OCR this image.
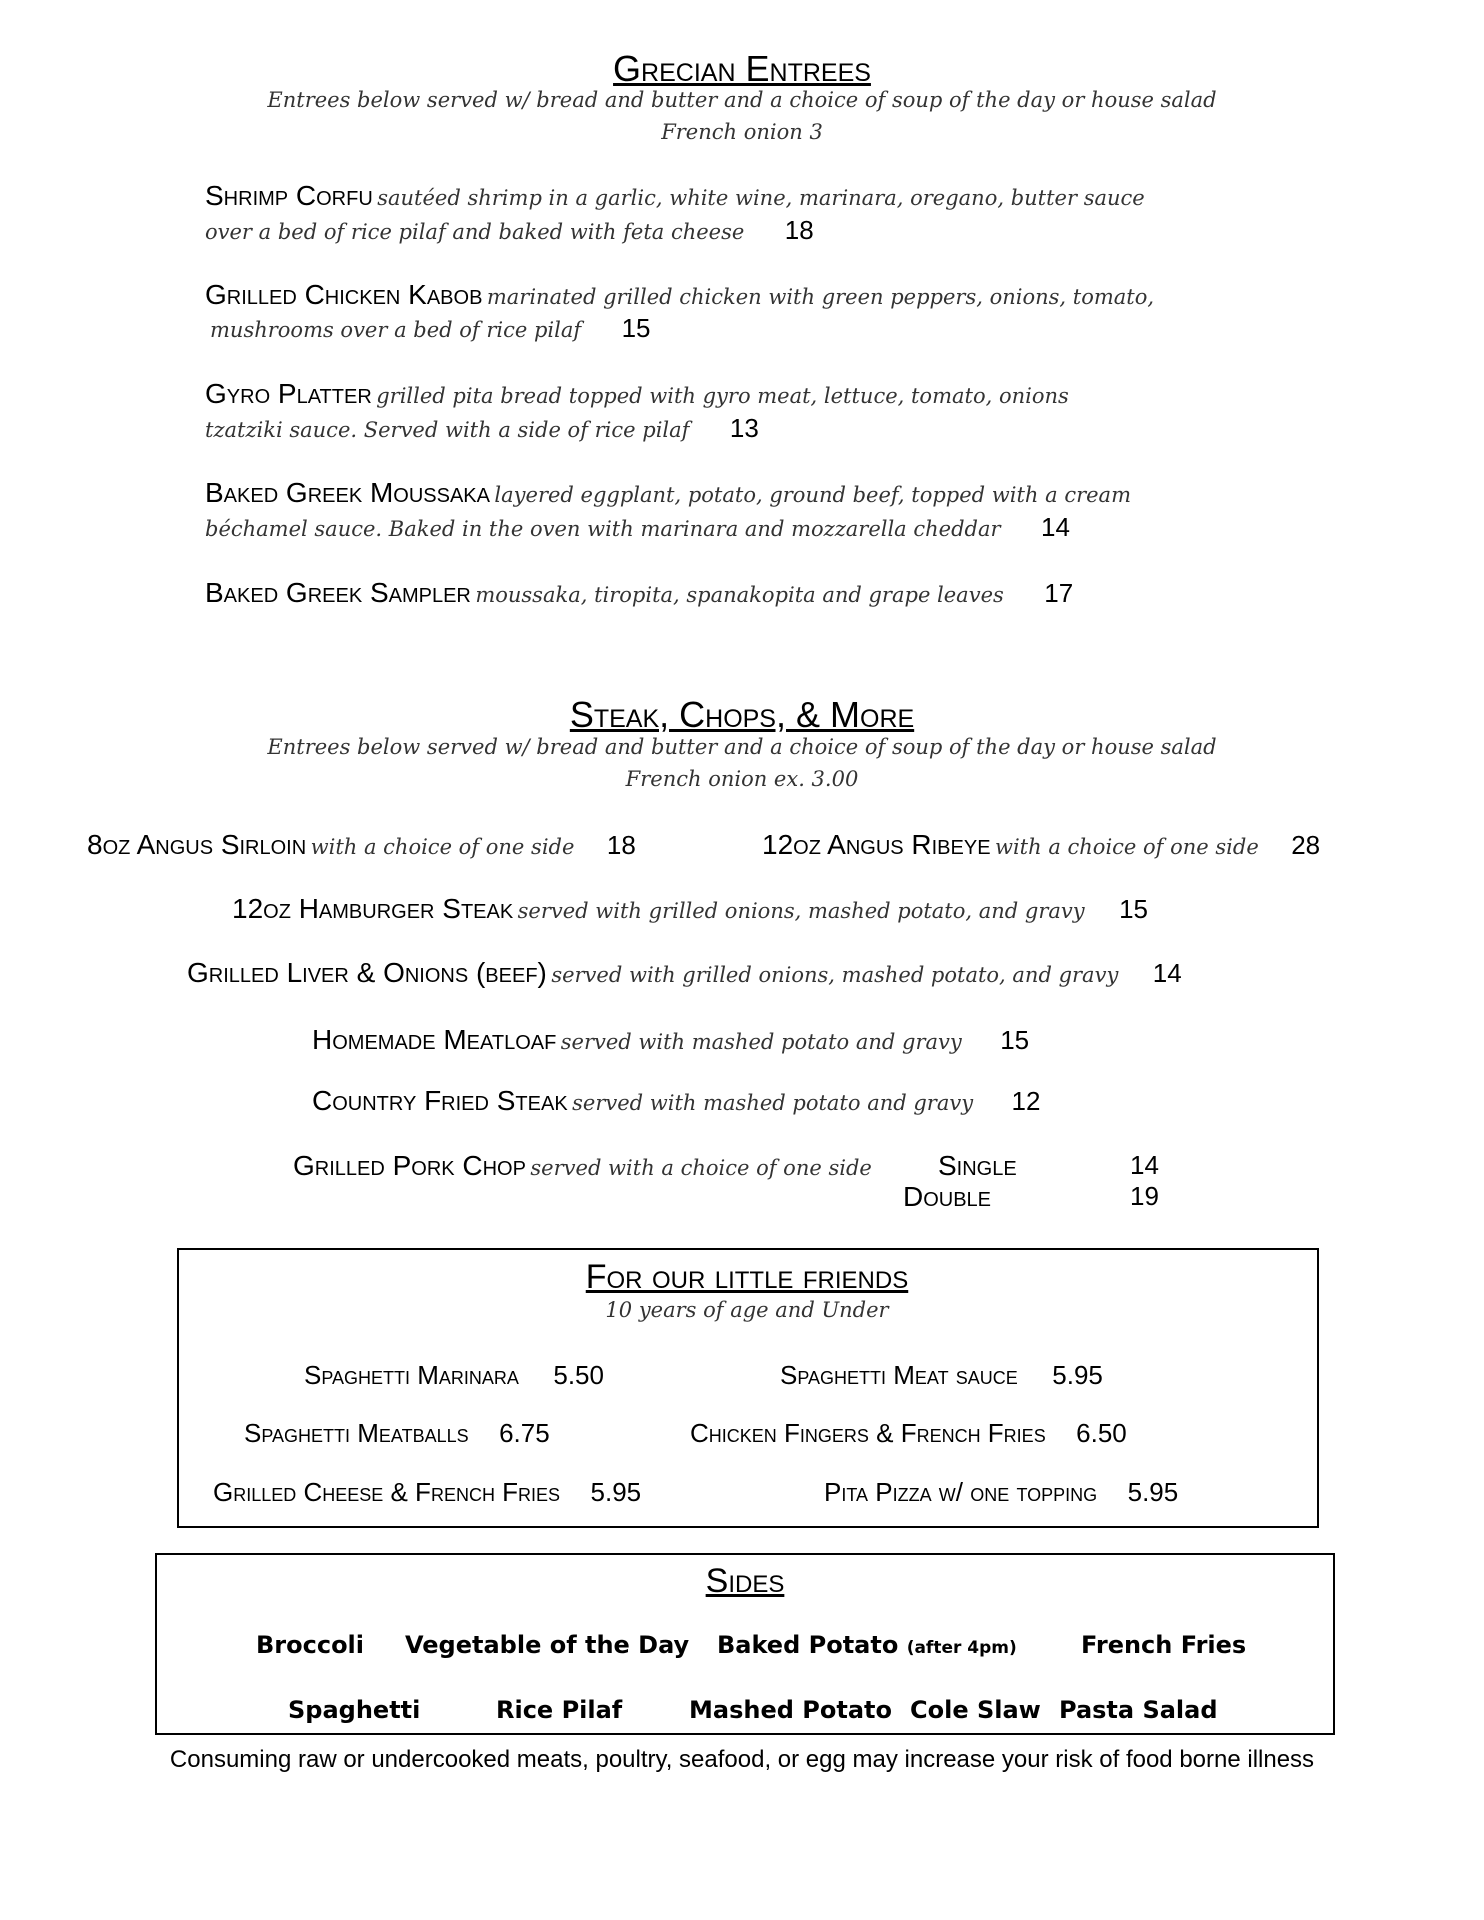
Grecian Entrees
Entrees below served w/ bread and butter and a choice of soup of the day or house salad
French onion 3
Shrimp Corfu sautéed shrimp in a garlic, white wine, marinara, oregano, butter sauce
over a bed of rice pilaf and baked with feta cheese 18
Grilled Chicken Kabob marinated grilled chicken with green peppers, onions, tomato,
mushrooms over a bed of rice pilaf 15
Gyro Platter grilled pita bread topped with gyro meat, lettuce, tomato, onions
tzatziki sauce. Served with a side of rice pilaf 13
Baked Greek Moussaka layered eggplant, potato, ground beef, topped with a cream
béchamel sauce. Baked in the oven with marinara and mozzarella cheddar 14
Baked Greek Sampler moussaka, tiropita, spanakopita and grape leaves 17
Steak, Chops, & More
Entrees below served w/ bread and butter and a choice of soup of the day or house salad
French onion ex. 3.00
8oz Angus Sirloin with a choice of one side 18	12oz Angus Ribeye with a choice of one side 28
12oz Hamburger Steak served with grilled onions, mashed potato, and gravy 15
Grilled Liver & Onions (beef) served with grilled onions, mashed potato, and gravy 14
Homemade Meatloaf served with mashed potato and gravy 15
Country Fried Steak served with mashed potato and gravy 12
Grilled Pork Chop served with a choice of one side Single	14
Double	19
For our little friends
10 years of age and Under
Spaghetti Marinara 5.50	Spaghetti Meat sauce 5.95
Spaghetti Meatballs 6.75	Chicken Fingers & French Fries 6.50
Grilled Cheese & French Fries 5.95	Pita Pizza w/ one topping 5.95
Sides
Broccoli Vegetable of the Day Baked Potato (after 4pm)	French Fries
Spaghetti	Rice Pilaf	Mashed Potato Cole Slaw Pasta Salad
Consuming raw or undercooked meats, poultry, seafood, or egg may increase your risk of food borne illness
